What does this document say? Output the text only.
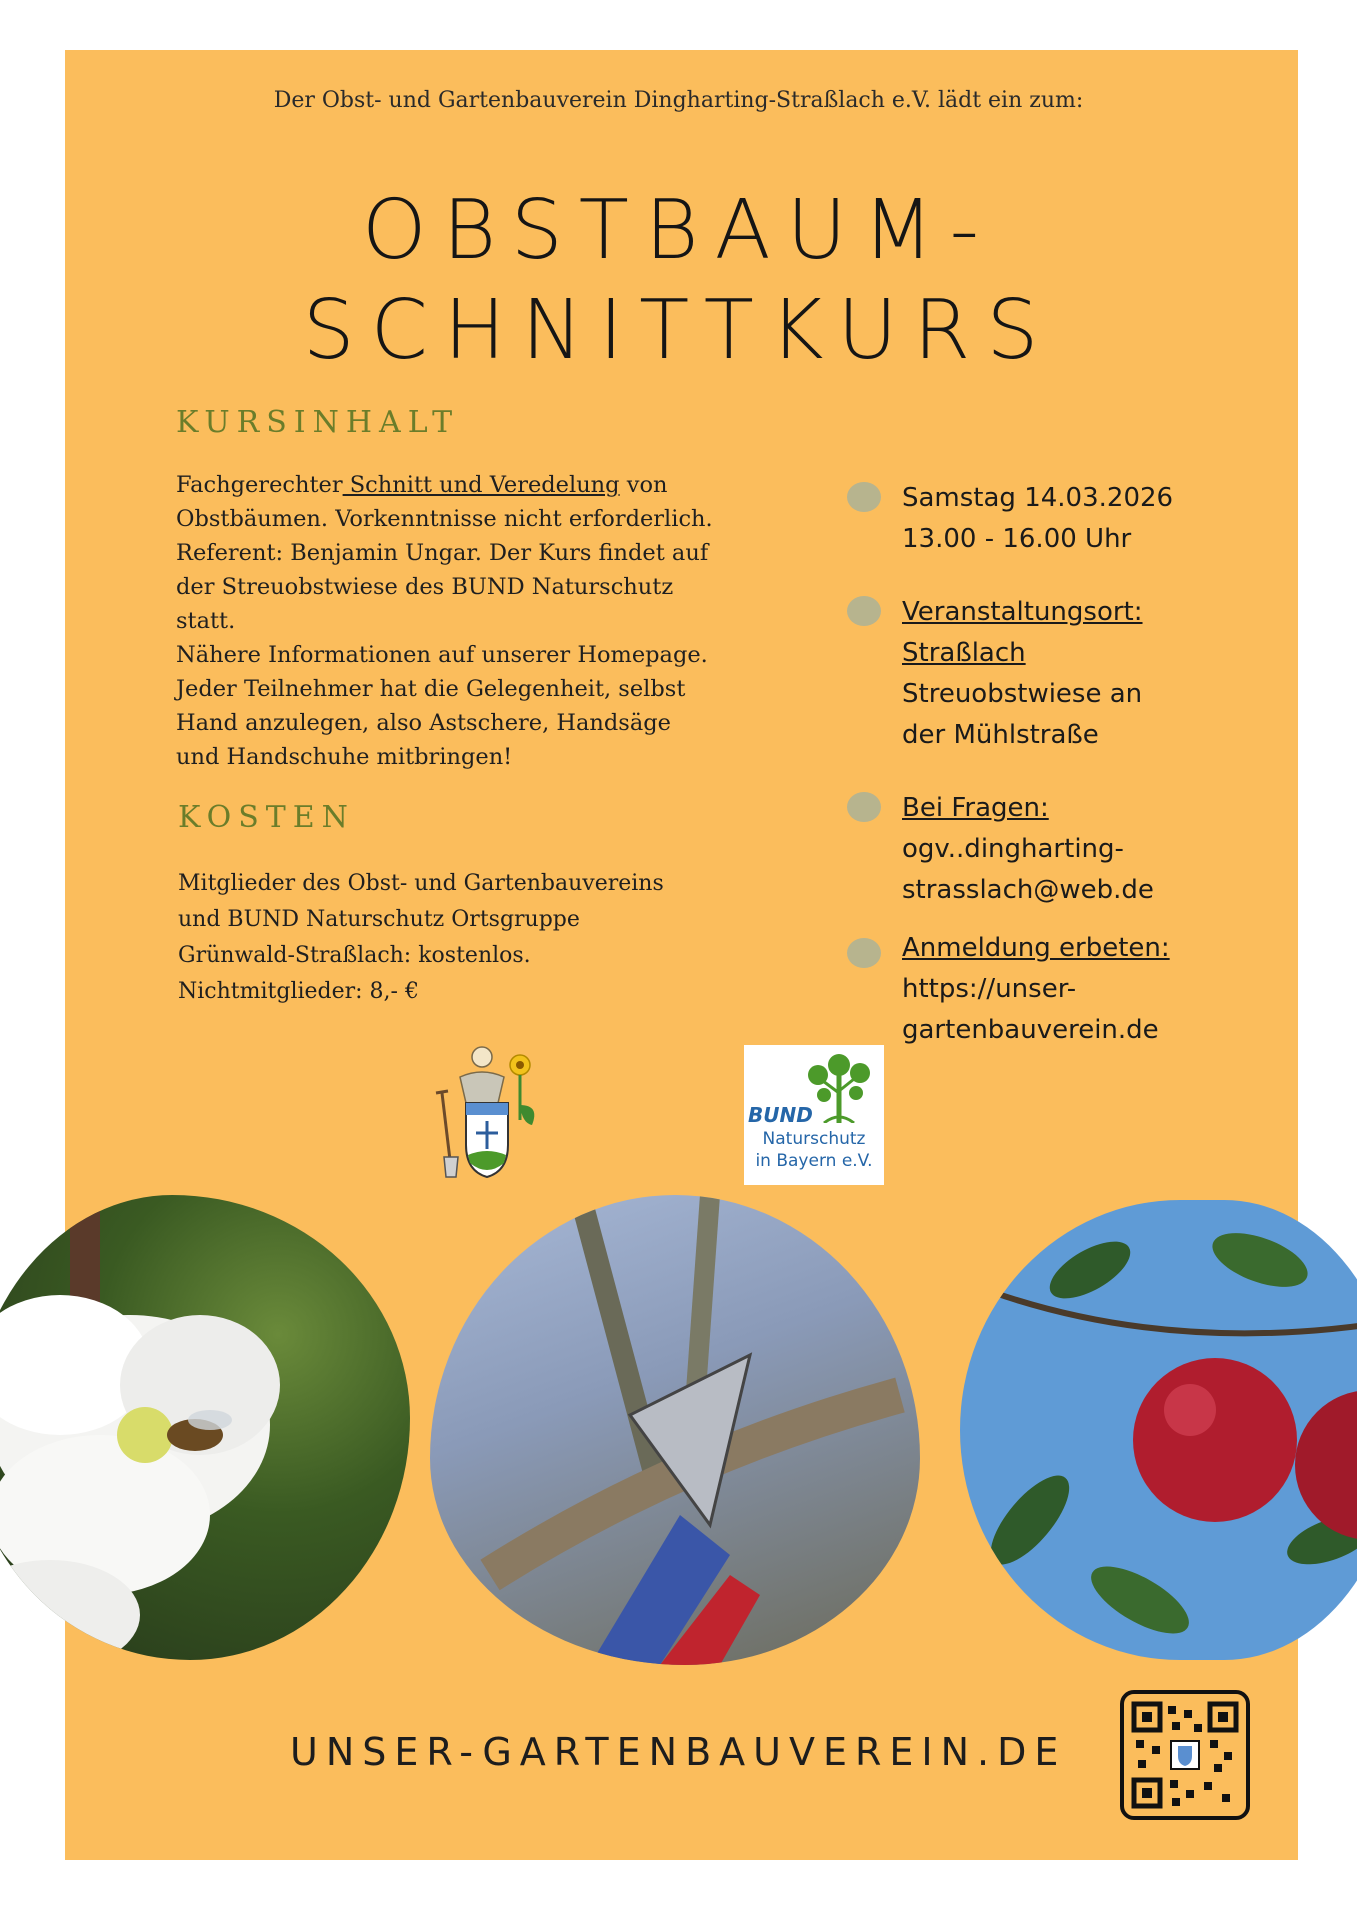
Der Obst- und Gartenbauverein Dingharting-Straßlach e.V. lädt ein zum:
OBSTBAUM-
SCHNITTKURS
KURSINHALT
Fachgerechter Schnitt und Veredelung von
Obstbäumen. Vorkenntnisse nicht erforderlich.
Referent: Benjamin Ungar. Der Kurs findet auf
der Streuobstwiese des BUND Naturschutz
statt.
Nähere Informationen auf unserer Homepage.
Jeder Teilnehmer hat die Gelegenheit, selbst
Hand anzulegen, also Astschere, Handsäge
und Handschuhe mitbringen!
KOSTEN
Mitglieder des Obst- und Gartenbauvereins
und BUND Naturschutz Ortsgruppe
Grünwald-Straßlach: kostenlos.
Nichtmitglieder: 8,- €
Samstag 14.03.2026
13.00 - 16.00 Uhr
Veranstaltungsort:
Straßlach
Streuobstwiese an
der Mühlstraße
Bei Fragen:
ogv..dingharting-
strasslach@web.de
Anmeldung erbeten:
https://unser-
gartenbauverein.de
BUND
Naturschutz
in Bayern e.V.
UNSER-GARTENBAUVEREIN.DE
